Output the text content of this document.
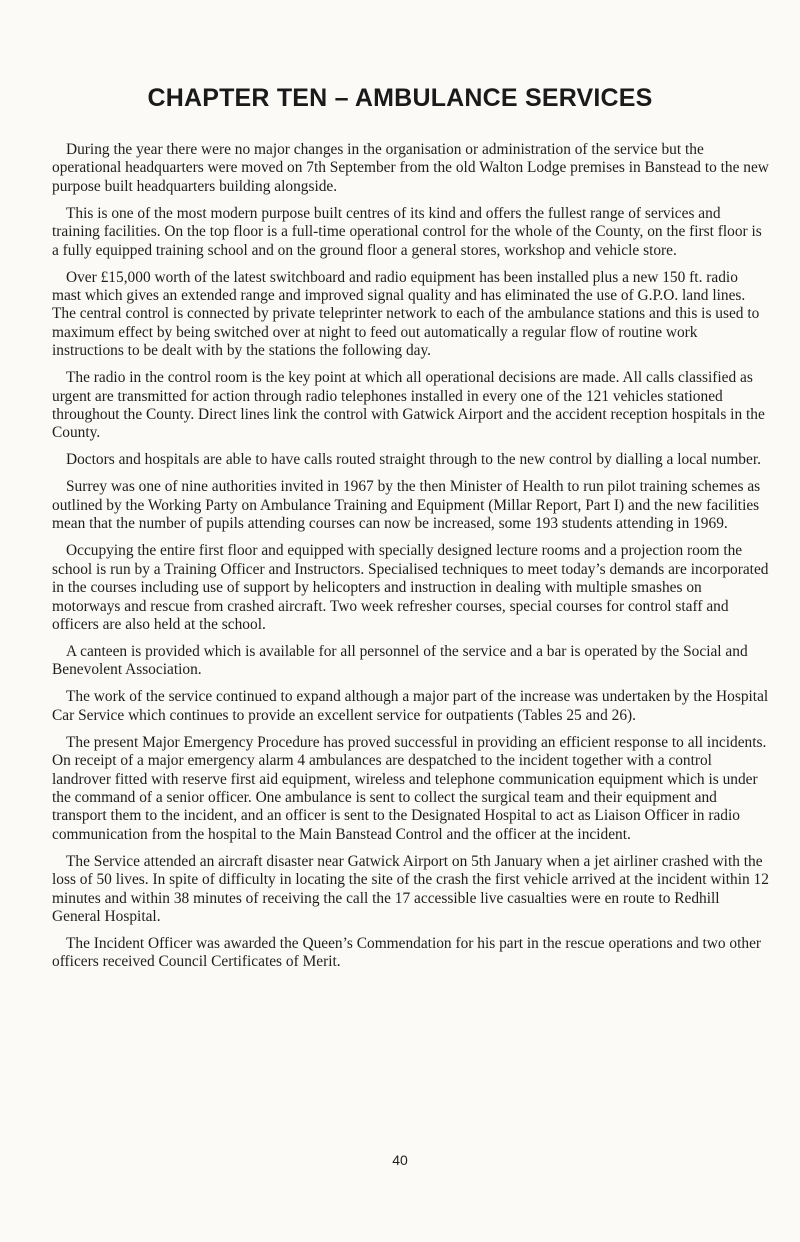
CHAPTER TEN – AMBULANCE SERVICES

During the year there were no major changes in the organisation or administration of the service but the operational headquarters were moved on 7th September from the old Walton Lodge premises in Banstead to the new purpose built headquarters building alongside.

This is one of the most modern purpose built centres of its kind and offers the fullest range of services and training facilities. On the top floor is a full-time operational control for the whole of the County, on the first floor is a fully equipped training school and on the ground floor a general stores, workshop and vehicle store.

Over £15,000 worth of the latest switchboard and radio equipment has been installed plus a new 150 ft. radio mast which gives an extended range and improved signal quality and has eliminated the use of G.P.O. land lines. The central control is connected by private teleprinter network to each of the ambulance stations and this is used to maximum effect by being switched over at night to feed out automatically a regular flow of routine work instructions to be dealt with by the stations the following day.

The radio in the control room is the key point at which all operational decisions are made. All calls classified as urgent are transmitted for action through radio telephones installed in every one of the 121 vehicles stationed throughout the County. Direct lines link the control with Gatwick Airport and the accident reception hospitals in the County.

Doctors and hospitals are able to have calls routed straight through to the new control by dialling a local number.

Surrey was one of nine authorities invited in 1967 by the then Minister of Health to run pilot training schemes as outlined by the Working Party on Ambulance Training and Equipment (Millar Report, Part I) and the new facilities mean that the number of pupils attending courses can now be increased, some 193 students attending in 1969.

Occupying the entire first floor and equipped with specially designed lecture rooms and a projection room the school is run by a Training Officer and Instructors. Specialised techniques to meet today’s demands are incorporated in the courses including use of support by helicopters and instruction in dealing with multiple smashes on motorways and rescue from crashed aircraft. Two week refresher courses, special courses for control staff and officers are also held at the school.

A canteen is provided which is available for all personnel of the service and a bar is operated by the Social and Benevolent Association.

The work of the service continued to expand although a major part of the increase was undertaken by the Hospital Car Service which continues to provide an excellent service for outpatients (Tables 25 and 26).

The present Major Emergency Procedure has proved successful in providing an efficient response to all incidents. On receipt of a major emergency alarm 4 ambulances are despatched to the incident together with a control landrover fitted with reserve first aid equipment, wireless and telephone communication equipment which is under the command of a senior officer. One ambulance is sent to collect the surgical team and their equipment and transport them to the incident, and an officer is sent to the Designated Hospital to act as Liaison Officer in radio communication from the hospital to the Main Banstead Control and the officer at the incident.

The Service attended an aircraft disaster near Gatwick Airport on 5th January when a jet airliner crashed with the loss of 50 lives. In spite of difficulty in locating the site of the crash the first vehicle arrived at the incident within 12 minutes and within 38 minutes of receiving the call the 17 accessible live casualties were en route to Redhill General Hospital.

The Incident Officer was awarded the Queen’s Commendation for his part in the rescue operations and two other officers received Council Certificates of Merit.

40
